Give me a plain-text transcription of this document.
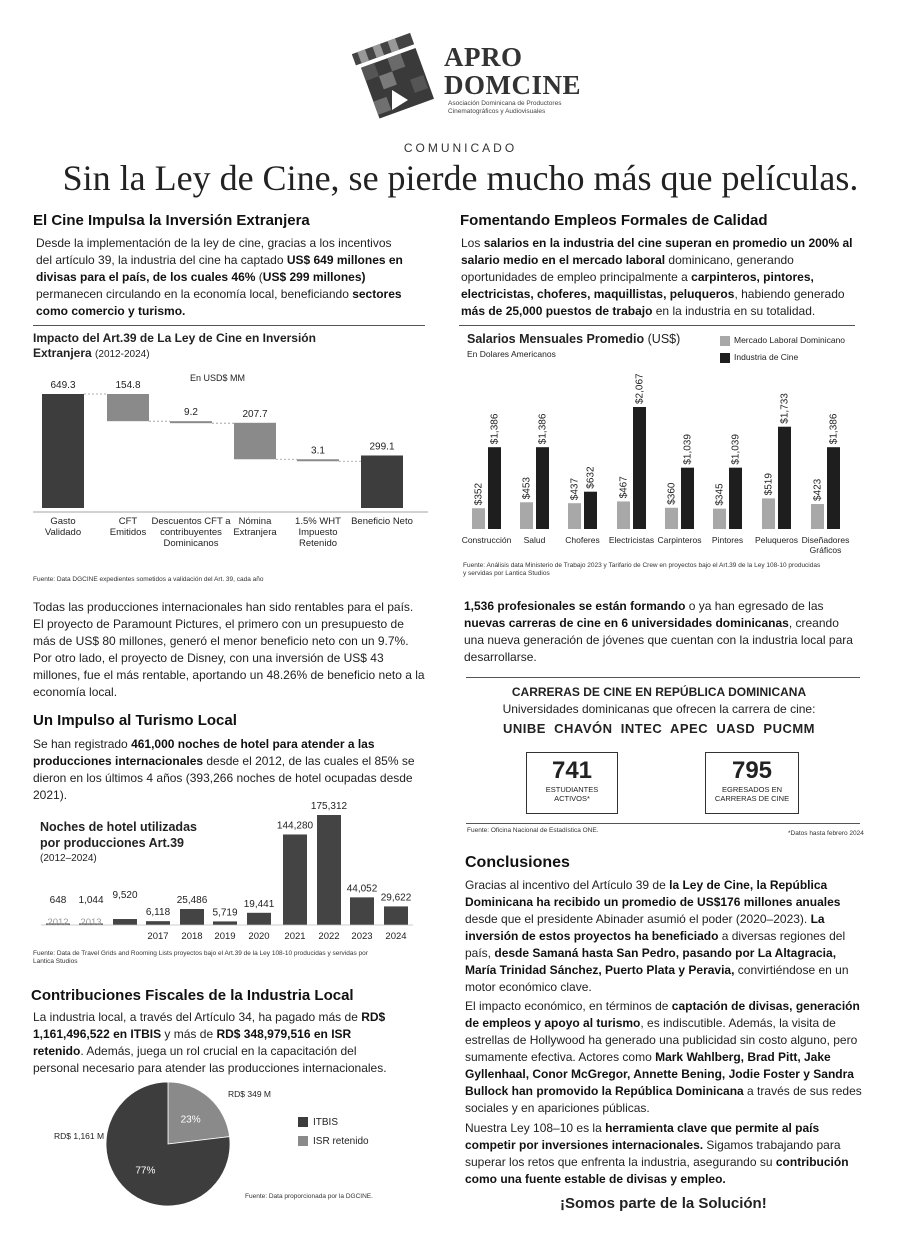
APRO
DOMCINE
Asociación Dominicana de Productores
Cinematográficos y Audiovisuales
COMUNICADO
Sin la Ley de Cine, se pierde mucho más que películas.
El Cine Impulsa la Inversión Extranjera
Desde la implementación de la ley de cine, gracias a los incentivos del artículo 39, la industria del cine ha captado US$ 649 millones en divisas para el país, de los cuales 46% (US$ 299 millones) permanecen circulando en la economía local, beneficiando sectores como comercio y turismo.
Impacto del Art.39 de La Ley de Cine en Inversión Extranjera (2012-2024)
En USD$ MM
649.3	154.8
9.2	207.7
3.1	299.1
Gasto Validado
CFT Emitidos
Descuentos CFT a contribuyentes Dominicanos
Nómina Extranjera
1.5% WHT Impuesto Retenido
Beneficio Neto
Fuente: Data DGCINE expedientes sometidos a validación del Art. 39, cada año
Todas las producciones internacionales han sido rentables para el país. El proyecto de Paramount Pictures, el primero con un presupuesto de más de US$ 80 millones, generó el menor beneficio neto con un 9.7%. Por otro lado, el proyecto de Disney, con una inversión de US$ 43 millones, fue el más rentable, aportando un 48.26% de beneficio neto a la economía local.
Un Impulso al Turismo Local
Se han registrado 461,000 noches de hotel para atender a las producciones internacionales desde el 2012, de las cuales el 85% se dieron en los últimos 4 años (393,266 noches de hotel ocupadas desde 2021).
Noches de hotel utilizadas
por producciones Art.39
(2012–2024)
648 1,044 9,520
6,118
25,486
5,719
19,441
144,280
175,312
44,052
29,622
2012 2013
2017 2018 2019 2020 2021 2022 2023 2024
Fuente: Data de Travel Grids and Rooming Lists proyectos bajo el Art.39 de la Ley 108-10 producidas y servidas por
Lantica Studios
Contribuciones Fiscales de la Industria Local
La industria local, a través del Artículo 34, ha pagado más de RD$ 1,161,496,522 en ITBIS y más de RD$ 348,979,516 en ISR retenido. Además, juega un rol crucial en la capacitación del personal necesario para atender las producciones internacionales.
23%
77%
RD$ 349 M
RD$ 1,161 M
ITBIS
ISR retenido
Fuente: Data proporcionada por la DGCINE.
Fomentando Empleos Formales de Calidad
Los salarios en la industria del cine superan en promedio un 200% al salario medio en el mercado laboral dominicano, generando oportunidades de empleo principalmente a carpinteros, pintores, electricistas, choferes, maquillistas, peluqueros, habiendo generado más de 25,000 puestos de trabajo en la industria en su totalidad.
Salarios Mensuales Promedio (US$)
En Dolares Americanos
Mercado Laboral Dominicano
Industria de Cine
$352
$1,386
Construcción
$453
$1,386
Salud
$437
$632
Choferes
$467
$2,067
Electricistas
$360
$1,039
Carpinteros
$345
$1,039
Pintores
$519
$1,733
Peluqueros
$423
$1,386
Diseñadores Gráficos
Fuente: Análisis data Ministerio de Trabajo 2023 y Tarifario de Crew en proyectos bajo el Art.39 de la Ley 108-10 producidas
y servidas por Lantica Studios
1,536 profesionales se están formando o ya han egresado de las nuevas carreras de cine en 6 universidades dominicanas, creando una nueva generación de jóvenes que cuentan con la industria local para desarrollarse.
CARRERAS DE CINE EN REPÚBLICA DOMINICANA
Universidades dominicanas que ofrecen la carrera de cine:
UNIBE  CHAVÓN  INTEC  APEC  UASD  PUCMM
741
ESTUDIANTES
ACTIVOS*
795
EGRESADOS EN
CARRERAS DE CINE
Fuente: Oficina Nacional de Estadística ONE.	*Datos hasta febrero 2024
Conclusiones
Gracias al incentivo del Artículo 39 de la Ley de Cine, la República Dominicana ha recibido un promedio de US$176 millones anuales desde que el presidente Abinader asumió el poder (2020–2023). La inversión de estos proyectos ha beneficiado a diversas regiones del país, desde Samaná hasta San Pedro, pasando por La Altagracia, María Trinidad Sánchez, Puerto Plata y Peravia, convirtiéndose en un motor económico clave.
El impacto económico, en términos de captación de divisas, generación de empleos y apoyo al turismo, es indiscutible. Además, la visita de estrellas de Hollywood ha generado una publicidad sin costo alguno, pero sumamente efectiva. Actores como Mark Wahlberg, Brad Pitt, Jake Gyllenhaal, Conor McGregor, Annette Bening, Jodie Foster y Sandra Bullock han promovido la República Dominicana a través de sus redes sociales y en apariciones públicas.
Nuestra Ley 108–10 es la herramienta clave que permite al país competir por inversiones internacionales. Sigamos trabajando para superar los retos que enfrenta la industria, asegurando su contribución como una fuente estable de divisas y empleo.
¡Somos parte de la Solución!
